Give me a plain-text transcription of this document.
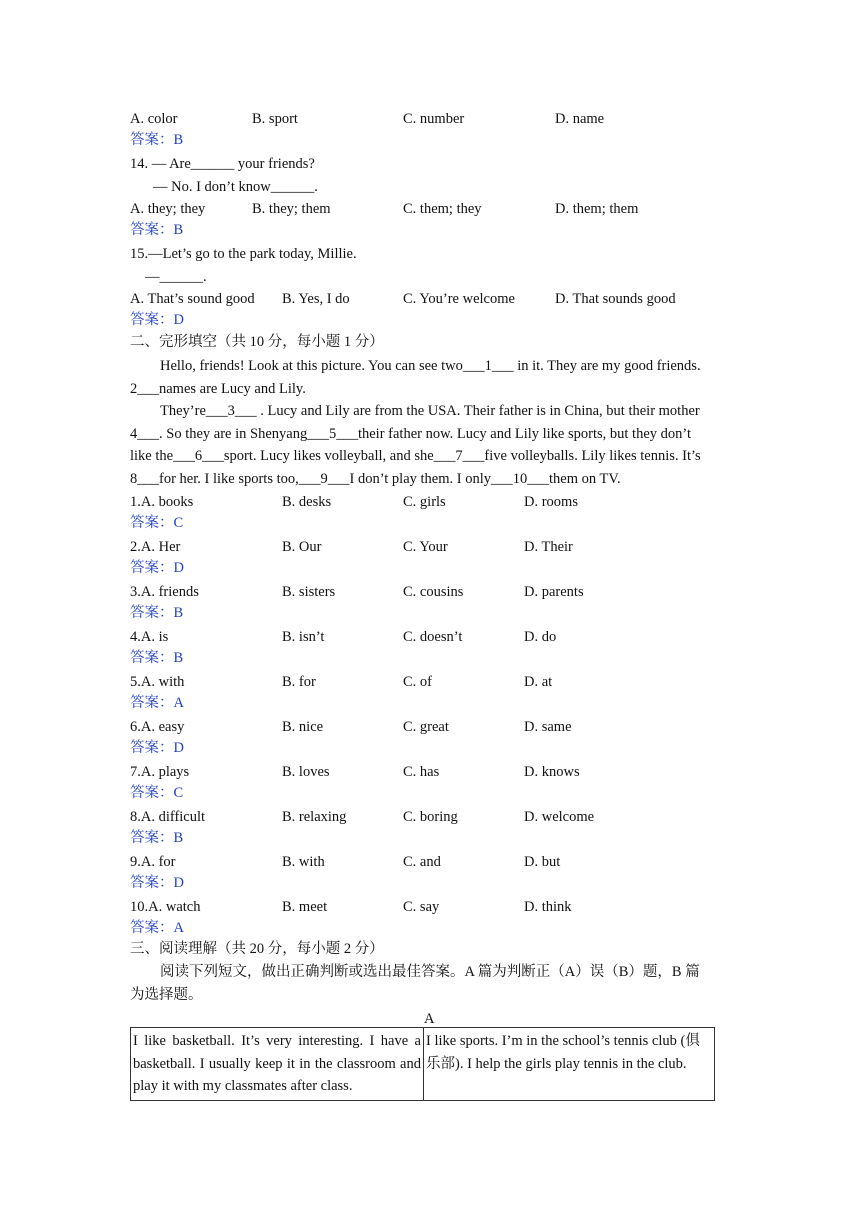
A. color	B. sport	C. number	D. name
答案：B
14. — Are______ your friends?
— No. I don’t know______.
A. they; they	B. they; them	C. them; they	D. them; them
答案：B
15.—Let’s go to the park today, Millie.
—______.
A. That’s sound good B. Yes, I do	C. You’re welcome	D. That sounds good
答案：D
二、完形填空（共 10 分，每小题 1 分）

Hello, friends! Look at this picture. You can see two___1___ in it. They are my good friends.

2___names are Lucy and Lily.

They’re___3___ . Lucy and Lily are from the USA. Their father is in China, but their mother

4___. So they are in Shenyang___5___their father now. Lucy and Lily like sports, but they don’t

like the___6___sport. Lucy likes volleyball, and she___7___five volleyballs. Lily likes tennis. It’s

8___for her. I like sports too,___9___I don’t play them. I only___10___them on TV.

1.A. books	B. desks	C. girls	D. rooms
答案：C
2.A. Her	B. Our	C. Your	D. Their
答案：D
3.A. friends	B. sisters	C. cousins	D. parents
答案：B
4.A. is	B. isn’t	C. doesn’t	D. do
答案：B
5.A. with	B. for	C. of	D. at
答案：A
6.A. easy	B. nice	C. great	D. same
答案：D
7.A. plays	B. loves	C. has	D. knows
答案：C
8.A. difficult	B. relaxing	C. boring	D. welcome
答案：B
9.A. for	B. with	C. and	D. but
答案：D
10.A. watch	B. meet	C. say	D. think
答案：A
三、阅读理解（共 20 分，每小题 2 分）
阅读下列短文，做出正确判断或选出最佳答案。A 篇为判断正（A）误（B）题，B 篇
为选择题。
A
I like basketball. It’s very interesting. I have a basketball. I usually keep it in the classroom and play it with my classmates after class.	I like sports. I’m in the school’s tennis club (俱乐部). I help the girls play tennis in the club.
